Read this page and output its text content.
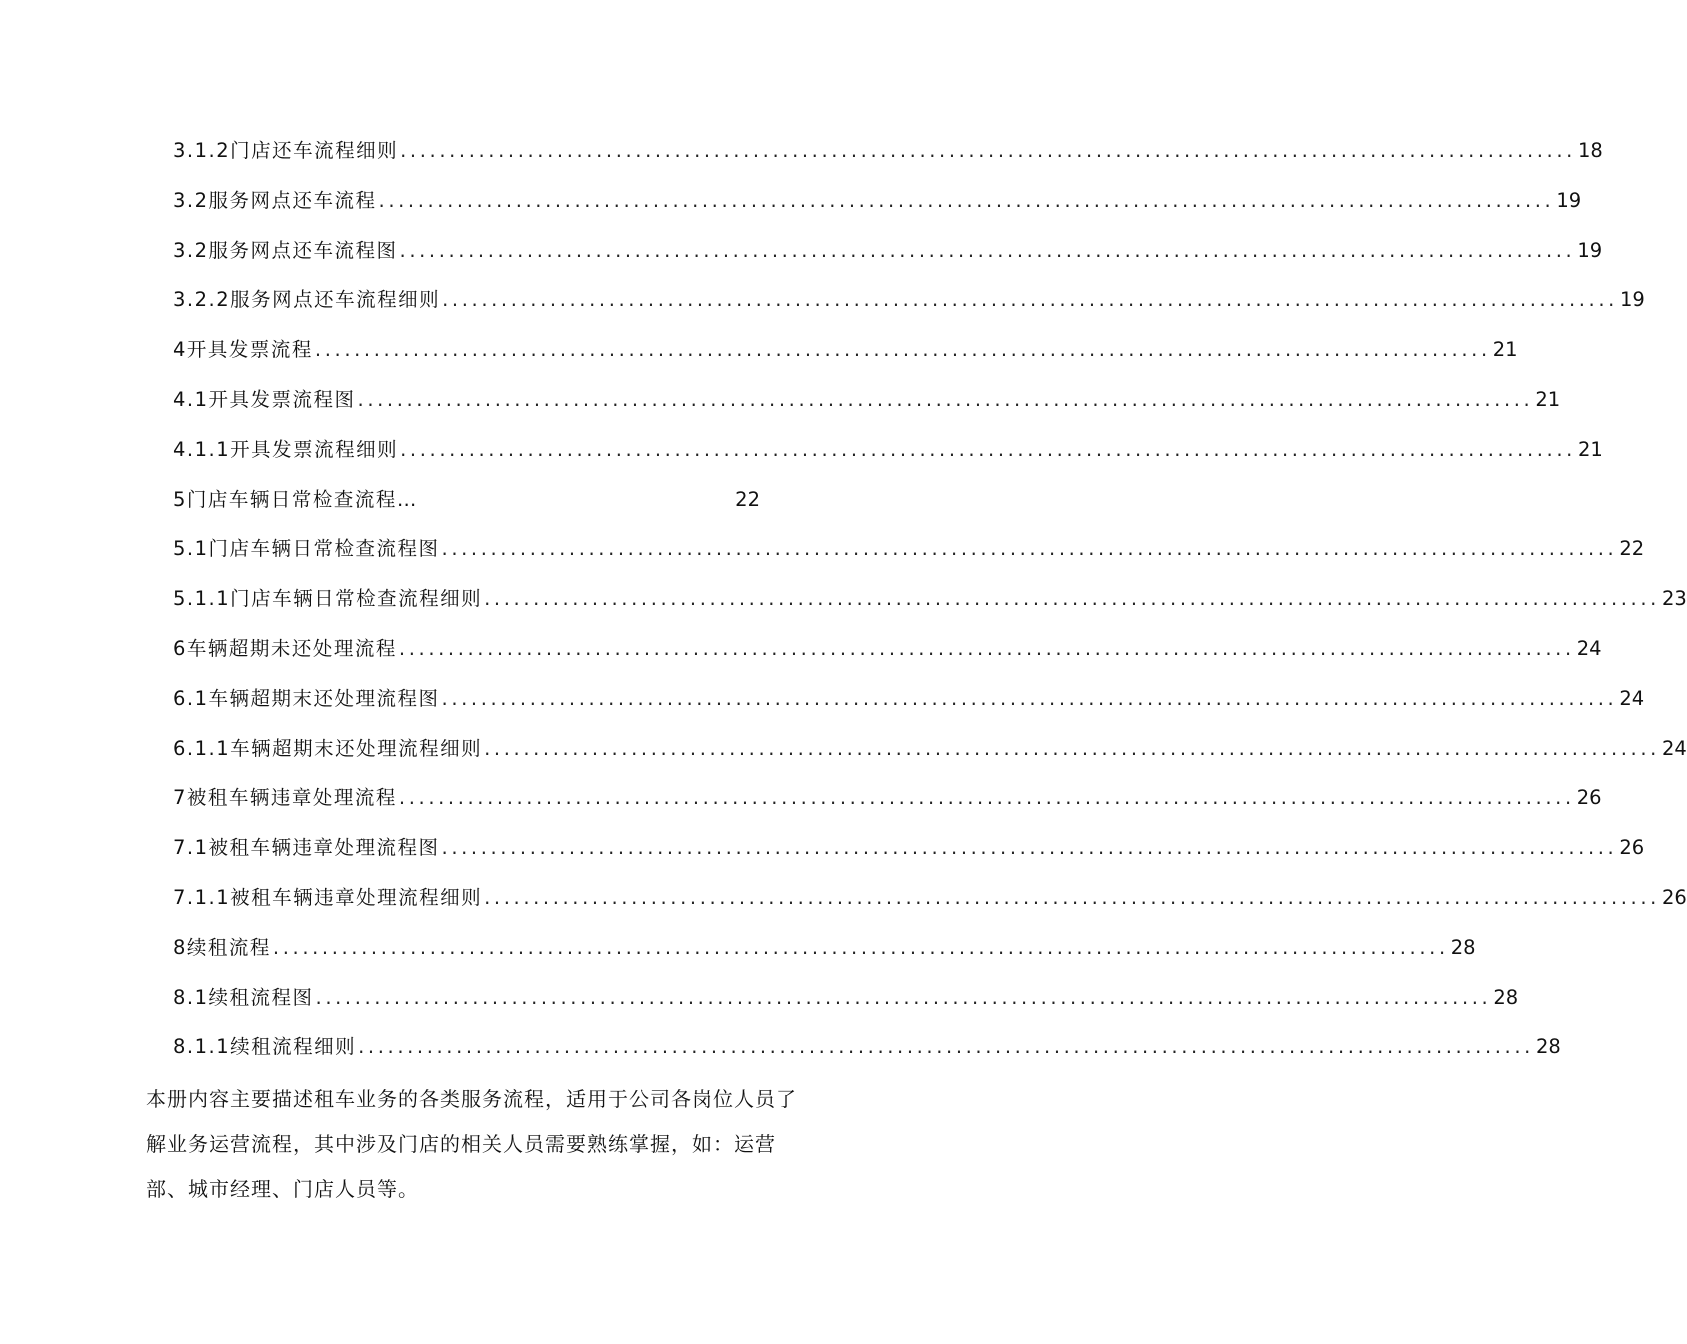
3.1.2门店还车流程细则 ........................................................................................................................ 18
3.2服务网点还车流程 ........................................................................................................................ 19
3.2服务网点还车流程图 ........................................................................................................................ 19
3.2.2服务网点还车流程细则 ........................................................................................................................ 19
4开具发票流程 ........................................................................................................................ 21
4.1开具发票流程图 ........................................................................................................................ 21
4.1.1开具发票流程细则 ........................................................................................................................ 21
5门店车辆日常检查流程…	22
5.1门店车辆日常检查流程图 ........................................................................................................................ 22
5.1.1门店车辆日常检查流程细则 ........................................................................................................................ 23
6车辆超期未还处理流程 ........................................................................................................................ 24
6.1车辆超期末还处理流程图 ........................................................................................................................ 24
6.1.1车辆超期末还处理流程细则 ........................................................................................................................ 24
7被租车辆违章处理流程 ........................................................................................................................ 26
7.1被租车辆违章处理流程图 ........................................................................................................................ 26
7.1.1被租车辆违章处理流程细则 ........................................................................................................................ 26
8续租流程 ........................................................................................................................ 28
8.1续租流程图 ........................................................................................................................ 28
8.1.1续租流程细则 ........................................................................................................................ 28

本册内容主要描述租车业务的各类服务流程，适用于公司各岗位人员了解业务运营流程，其中涉及门店的相关人员需要熟练掌握，如：运营部、城市经理、门店人员等。
